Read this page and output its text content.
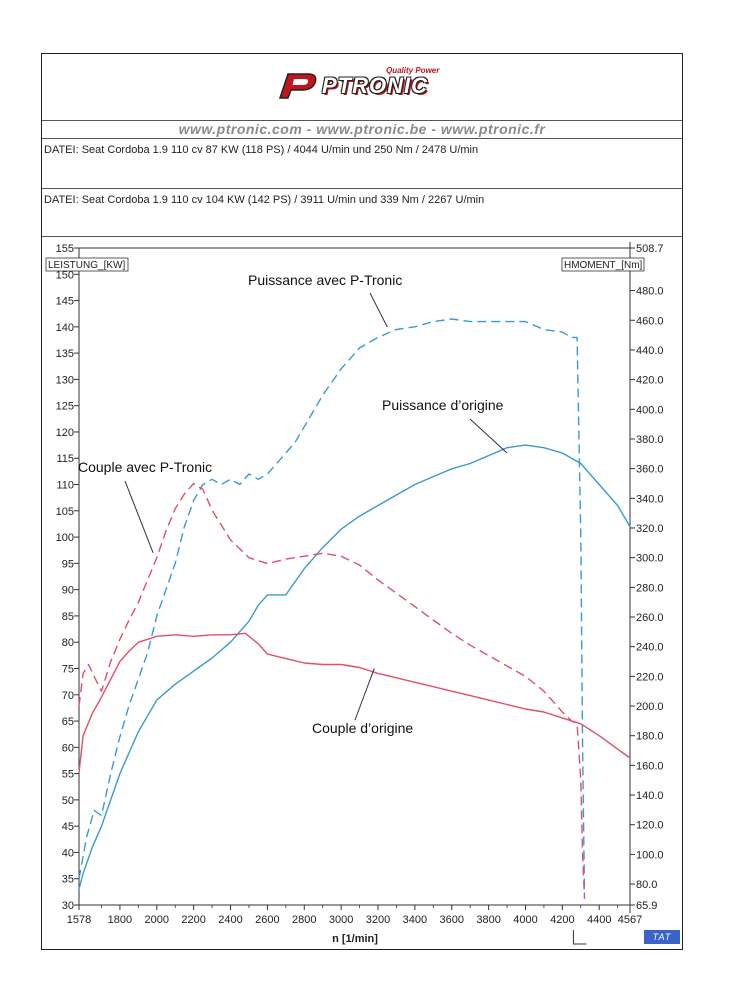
Quality Power
PTRONIC
www.ptronic.com - www.ptronic.be - www.ptronic.fr
DATEI: Seat Cordoba 1.9 110 cv 87 KW (118 PS) / 4044 U/min und 250 Nm / 2478 U/min
DATEI: Seat Cordoba 1.9 110 cv 104 KW (142 PS) / 3911 U/min und 339 Nm / 2267 U/min
TAT
LEISTUNG_[KW]	HMOMENT_[Nm]
n [1/min]
1578 1800 2000 2200 2400 2600 2800 3000 3200 3400 3600 3800 4000 4200 4400 4567
30
35
40
45
50
55
60
65
70
75
80
85
90
95
100
105
110
115
120
125
130
135
140
145
150
155
65.9
80.0
100.0
120.0
140.0
160.0
180.0
200.0
220.0
240.0
260.0
280.0
300.0
320.0
340.0
360.0
380.0
400.0
420.0
440.0
460.0
480.0
508.7
Puissance avec P-Tronic
Puissance d’origine
Couple avec P-Tronic
Couple d’origine
